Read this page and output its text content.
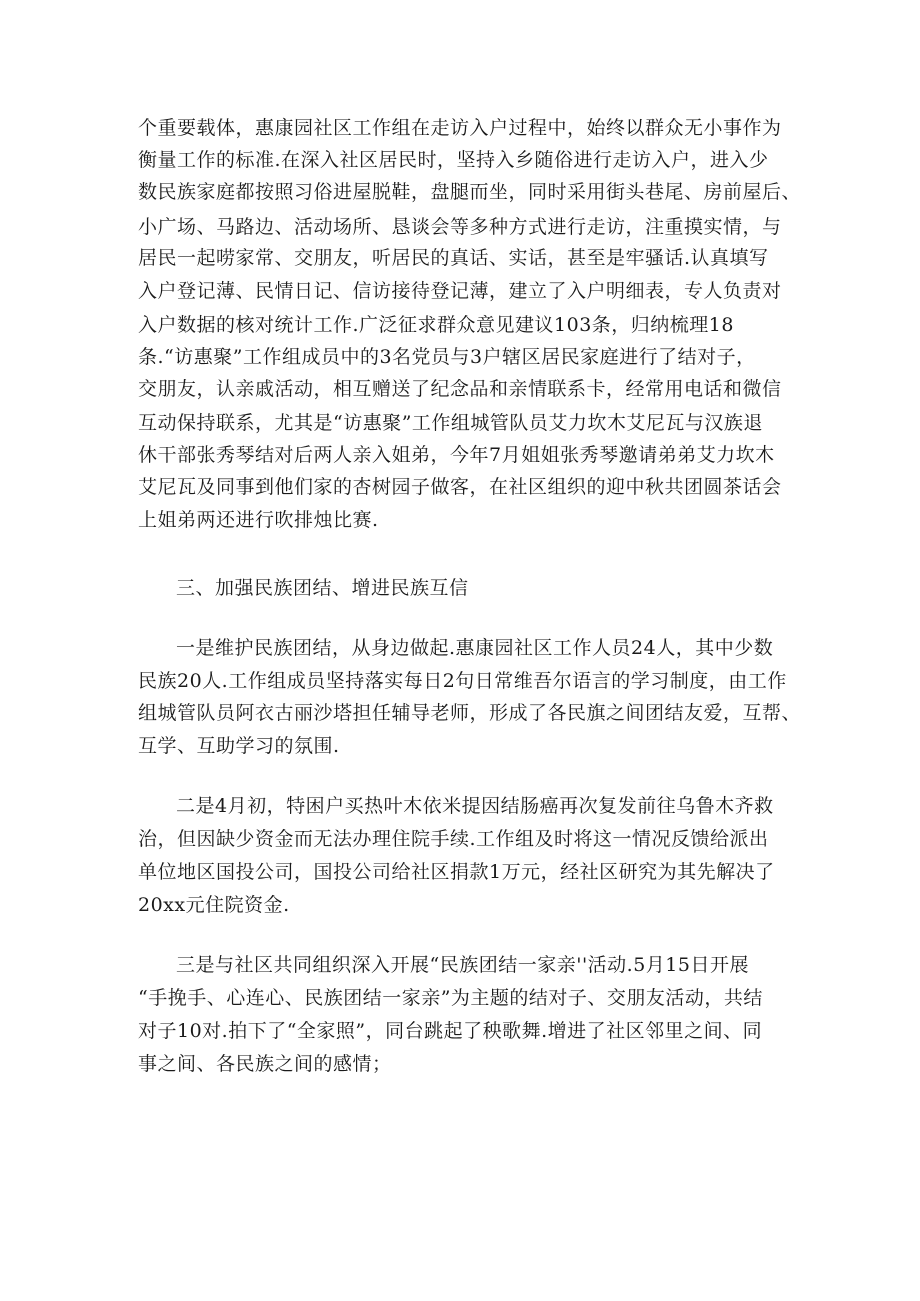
个重要载体，惠康园社区工作组在走访入户过程中，始终以群众无小事作为
衡量工作的标准.在深入社区居民时，坚持入乡随俗进行走访入户，进入少
数民族家庭都按照习俗进屋脱鞋，盘腿而坐，同时采用街头巷尾、房前屋后、
小广场、马路边、活动场所、恳谈会等多种方式进行走访，注重摸实情，与
居民一起唠家常、交朋友，听居民的真话、实话，甚至是牢骚话.认真填写
入户登记薄、民情日记、信访接待登记薄，建立了入户明细表，专人负责对
入户数据的核对统计工作.广泛征求群众意见建议103条，归纳梳理18
条.“访惠聚”工作组成员中的3名党员与3户辖区居民家庭进行了结对子，
交朋友，认亲戚活动，相互赠送了纪念品和亲情联系卡，经常用电话和微信
互动保持联系，尤其是“访惠聚”工作组城管队员艾力坎木艾尼瓦与汉族退
休干部张秀琴结对后两人亲入姐弟，今年7月姐姐张秀琴邀请弟弟艾力坎木
艾尼瓦及同事到他们家的杏树园子做客，在社区组织的迎中秋共团圆茶话会
上姐弟两还进行吹排烛比赛.
三、加强民族团结、增进民族互信
一是维护民族团结，从身边做起.惠康园社区工作人员24人，其中少数
民族20人.工作组成员坚持落实每日2句日常维吾尔语言的学习制度，由工作
组城管队员阿衣古丽沙塔担任辅导老师，形成了各民旗之间团结友爱，互帮、
互学、互助学习的氛围.
二是4月初，特困户买热叶木依米提因结肠癌再次复发前往乌鲁木齐救
治，但因缺少资金而无法办理住院手续.工作组及时将这一情况反馈给派出
单位地区国投公司，国投公司给社区捐款1万元，经社区研究为其先解决了
20xx元住院资金.
三是与社区共同组织深入开展“民族团结一家亲''活动.5月15日开展
“手挽手、心连心、民族团结一家亲”为主题的结对子、交朋友活动，共结
对子10对.拍下了“全家照”，同台跳起了秧歌舞.增进了社区邻里之间、同
事之间、各民族之间的感情；
